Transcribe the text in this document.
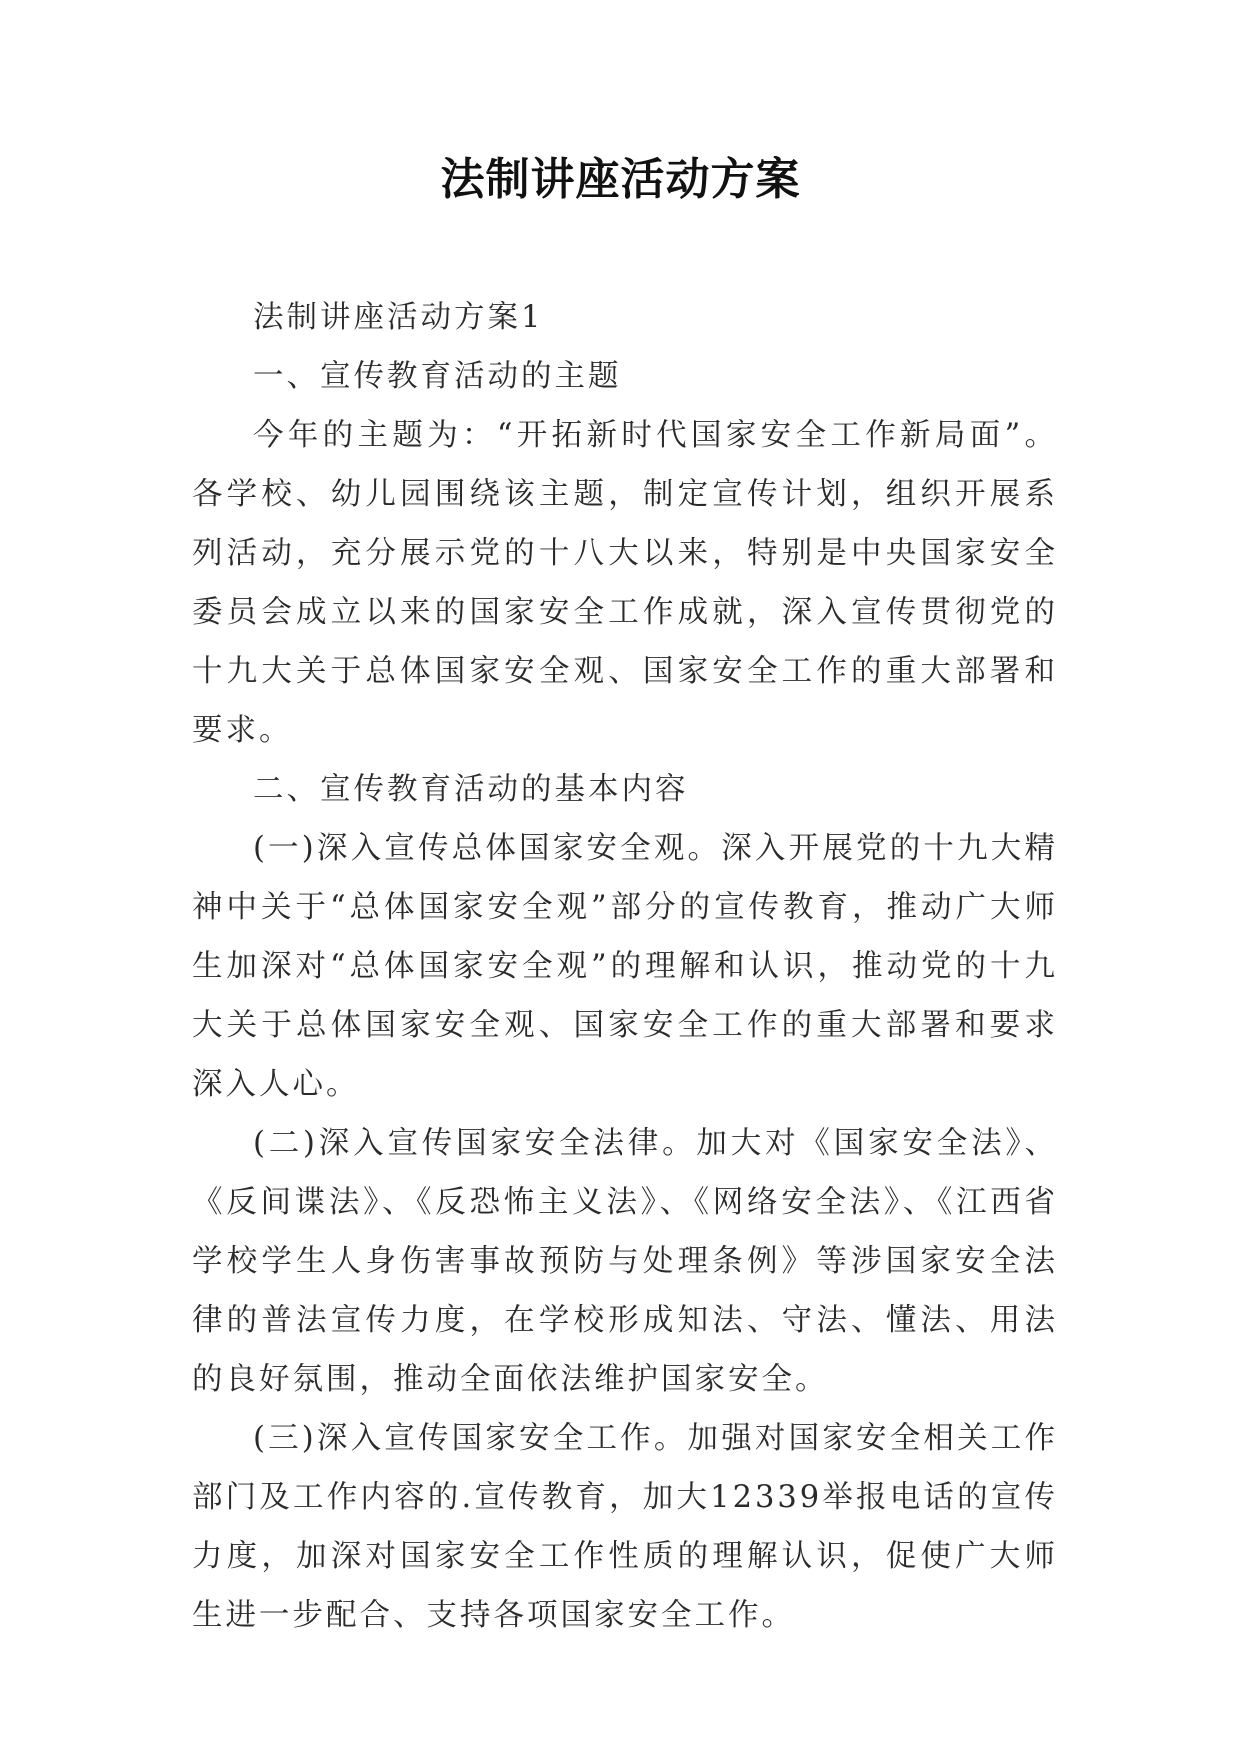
法制讲座活动方案

法制讲座活动方案1

一、宣传教育活动的主题

今年的主题为：“开拓新时代国家安全工作新局面”。各学校、幼儿园围绕该主题，制定宣传计划，组织开展系列活动，充分展示党的十八大以来，特别是中央国家安全委员会成立以来的国家安全工作成就，深入宣传贯彻党的十九大关于总体国家安全观、国家安全工作的重大部署和要求。

二、宣传教育活动的基本内容

(一)深入宣传总体国家安全观。深入开展党的十九大精神中关于“总体国家安全观”部分的宣传教育，推动广大师生加深对“总体国家安全观”的理解和认识，推动党的十九大关于总体国家安全观、国家安全工作的重大部署和要求深入人心。

(二)深入宣传国家安全法律。加大对《国家安全法》、《反间谍法》、《反恐怖主义法》、《网络安全法》、《江西省学校学生人身伤害事故预防与处理条例》等涉国家安全法律的普法宣传力度，在学校形成知法、守法、懂法、用法的良好氛围，推动全面依法维护国家安全。

(三)深入宣传国家安全工作。加强对国家安全相关工作部门及工作内容的.宣传教育，加大12339举报电话的宣传力度，加深对国家安全工作性质的理解认识，促使广大师生进一步配合、支持各项国家安全工作。
